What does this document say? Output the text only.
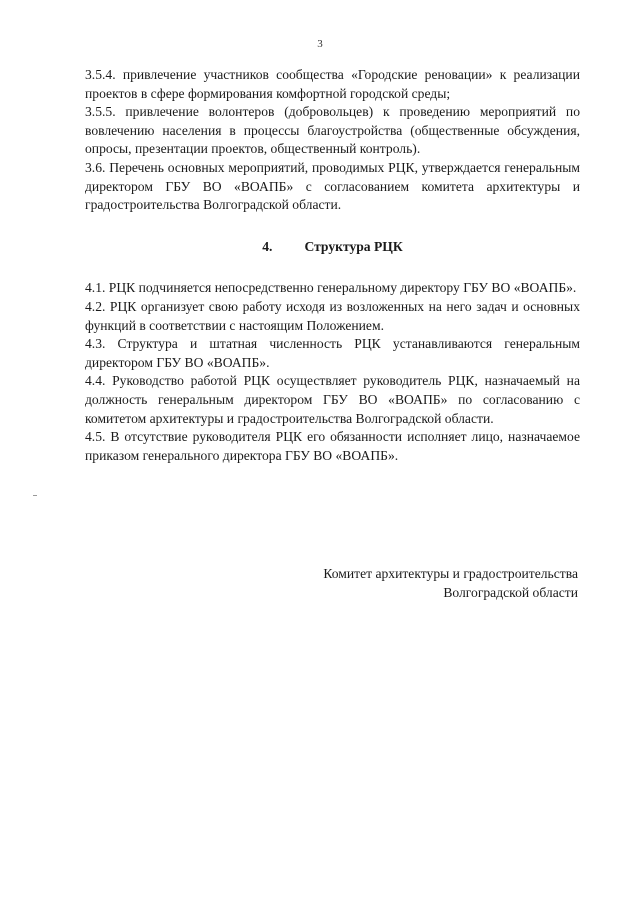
3

3.5.4. привлечение участников сообщества «Городские реновации» к реализации проектов в сфере формирования комфортной городской среды;

3.5.5. привлечение волонтеров (добровольцев) к проведению мероприятий по вовлечению населения в процессы благоустройства (общественные обсуждения, опросы, презентации проектов, общественный контроль).

3.6. Перечень основных мероприятий, проводимых РЦК, утверждается генеральным директором ГБУ ВО «ВОАПБ» с согласованием комитета архитектуры и градостроительства Волгоградской области.

4. Структура РЦК

4.1. РЦК подчиняется непосредственно генеральному директору ГБУ ВО «ВОАПБ».

4.2. РЦК организует свою работу исходя из возложенных на него задач и основных функций в соответствии с настоящим Положением.

4.3. Структура и штатная численность РЦК устанавливаются генеральным директором ГБУ ВО «ВОАПБ».

4.4. Руководство работой РЦК осуществляет руководитель РЦК, назначаемый на должность генеральным директором ГБУ ВО «ВОАПБ» по согласованию с комитетом архитектуры и градостроительства Волгоградской области.

4.5. В отсутствие руководителя РЦК его обязанности исполняет лицо, назначаемое приказом генерального директора ГБУ ВО «ВОАПБ».

Комитет архитектуры и градостроительства
Волгоградской области
